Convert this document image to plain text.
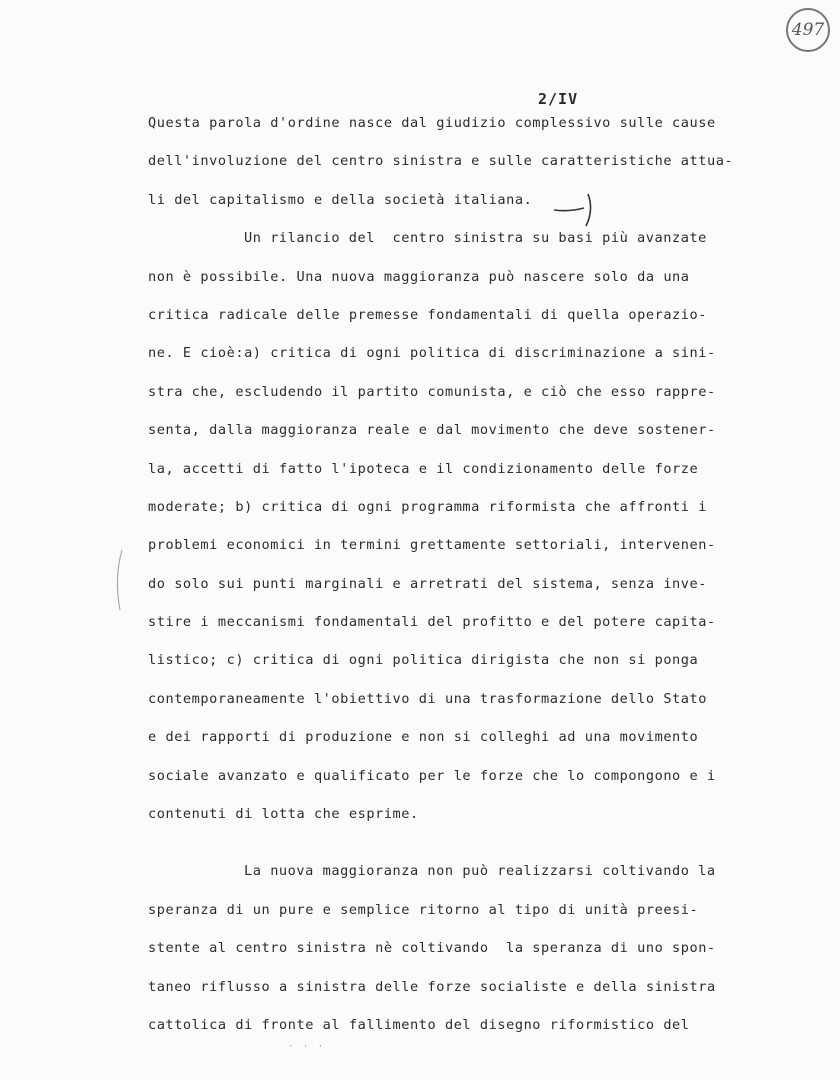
497
2/IV
Questa parola d'ordine nasce dal giudizio complessivo sulle cause
dell'involuzione del centro sinistra e sulle caratteristiche attua-
li del capitalismo e della società italiana.
Un rilancio del  centro sinistra su basi più avanzate
non è possibile. Una nuova maggioranza può nascere solo da una
critica radicale delle premesse fondamentali di quella operazio-
ne. E cioè:a) critica di ogni politica di discriminazione a sini-
stra che, escludendo il partito comunista, e ciò che esso rappre-
senta, dalla maggioranza reale e dal movimento che deve sostener-
la, accetti di fatto l'ipoteca e il condizionamento delle forze
moderate; b) critica di ogni programma riformista che affronti i
problemi economici in termini grettamente settoriali, intervenen-
do solo sui punti marginali e arretrati del sistema, senza inve-
stire i meccanismi fondamentali del profitto e del potere capita-
listico; c) critica di ogni politica dirigista che non si ponga
contemporaneamente l'obiettivo di una trasformazione dello Stato
e dei rapporti di produzione e non si colleghi ad una movimento
sociale avanzato e qualificato per le forze che lo compongono e i
contenuti di lotta che esprime.
La nuova maggioranza non può realizzarsi coltivando la
speranza di un pure e semplice ritorno al tipo di unità preesi-
stente al centro sinistra nè coltivando  la speranza di uno spon-
taneo riflusso a sinistra delle forze socialiste e della sinistra
cattolica di fronte al fallimento del disegno riformistico del
· · ·
